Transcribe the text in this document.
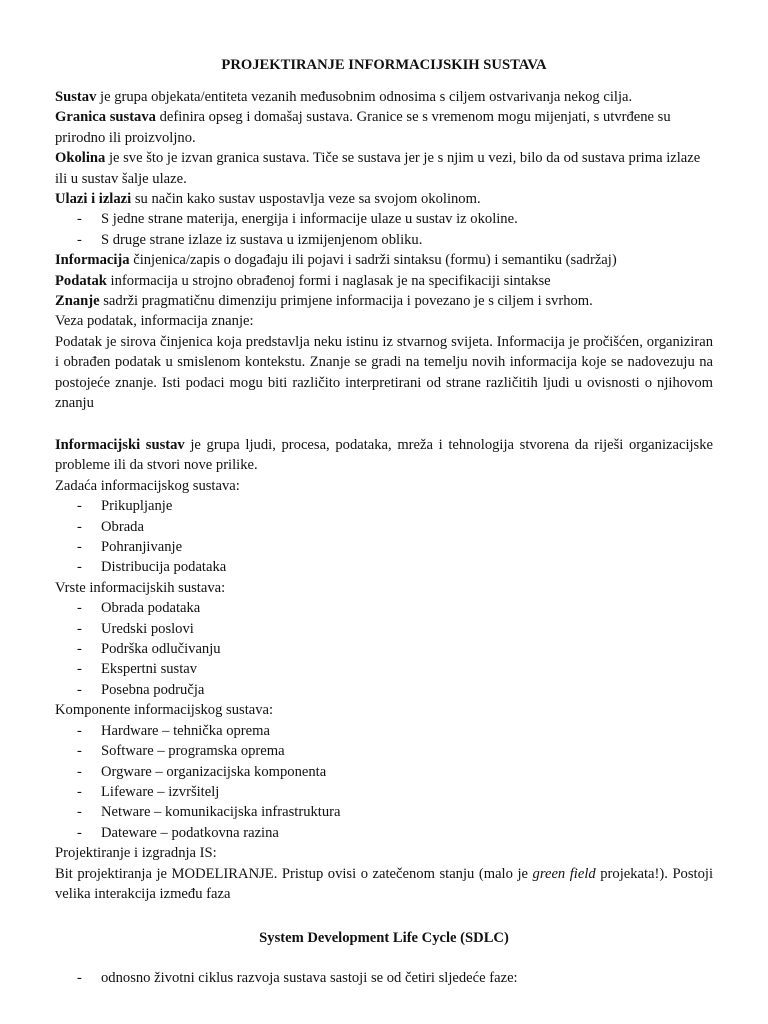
PROJEKTIRANJE INFORMACIJSKIH SUSTAVA

Sustav je grupa objekata/entiteta vezanih međusobnim odnosima s ciljem ostvarivanja nekog cilja.

Granica sustava definira opseg i domašaj sustava. Granice se s vremenom mogu mijenjati, s utvrđene su prirodno ili proizvoljno.

Okolina je sve što je izvan granica sustava. Tiče se sustava jer je s njim u vezi, bilo da od sustava prima izlaze ili u sustav šalje ulaze.

Ulazi i izlazi su način kako sustav uspostavlja veze sa svojom okolinom.

- S jedne strane materija, energija i informacije ulaze u sustav iz okoline.
- S druge strane izlaze iz sustava u izmijenjenom obliku.

Informacija činjenica/zapis o događaju ili pojavi i sadrži sintaksu (formu) i semantiku (sadržaj)

Podatak informacija u strojno obrađenoj formi i naglasak je na specifikaciji sintakse

Znanje sadrži pragmatičnu dimenziju primjene informacija i povezano je s ciljem i svrhom.

Veza podatak, informacija znanje:

Podatak je sirova činjenica koja predstavlja neku istinu iz stvarnog svijeta. Informacija je pročišćen, organiziran i obrađen podatak u smislenom kontekstu. Znanje se gradi na temelju novih informacija koje se nadovezuju na postojeće znanje. Isti podaci mogu biti različito interpretirani od strane različitih ljudi u ovisnosti o njihovom znanju

Informacijski sustav je grupa ljudi, procesa, podataka, mreža i tehnologija stvorena da riješi organizacijske probleme ili da stvori nove prilike.

Zadaća informacijskog sustava:

- Prikupljanje
- Obrada
- Pohranjivanje
- Distribucija podataka

Vrste informacijskih sustava:

- Obrada podataka
- Uredski poslovi
- Podrška odlučivanju
- Ekspertni sustav
- Posebna područja

Komponente informacijskog sustava:

- Hardware – tehnička oprema
- Software – programska oprema
- Orgware – organizacijska komponenta
- Lifeware – izvršitelj
- Netware – komunikacijska infrastruktura
- Dateware – podatkovna razina

Projektiranje i izgradnja IS:

Bit projektiranja je MODELIRANJE. Pristup ovisi o zatečenom stanju (malo je green field projekata!). Postoji velika interakcija između faza

System Development Life Cycle (SDLC)
- odnosno životni ciklus razvoja sustava sastoji se od četiri sljedeće faze:
